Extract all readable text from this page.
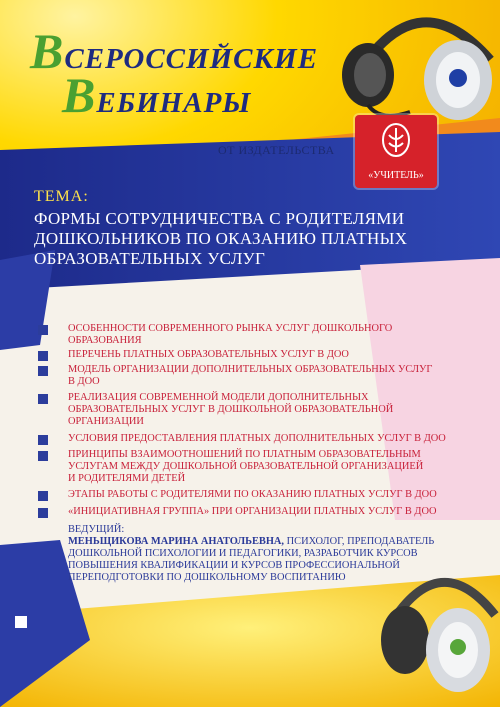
ВСЕРОССИЙСКИЕ
ВЕБИНАРЫ
ОТ ИЗДАТЕЛЬСТВА
«УЧИТЕЛЬ»
ТЕМА:
ФОРМЫ СОТРУДНИЧЕСТВА С РОДИТЕЛЯМИ
ДОШКОЛЬНИКОВ ПО ОКАЗАНИЮ ПЛАТНЫХ
ОБРАЗОВАТЕЛЬНЫХ УСЛУГ
ОСОБЕННОСТИ СОВРЕМЕННОГО РЫНКА УСЛУГ ДОШКОЛЬНОГО
ОБРАЗОВАНИЯ
ПЕРЕЧЕНЬ ПЛАТНЫХ ОБРАЗОВАТЕЛЬНЫХ УСЛУГ В ДОО
МОДЕЛЬ ОРГАНИЗАЦИИ ДОПОЛНИТЕЛЬНЫХ ОБРАЗОВАТЕЛЬНЫХ УСЛУГ
В ДОО
РЕАЛИЗАЦИЯ СОВРЕМЕННОЙ МОДЕЛИ ДОПОЛНИТЕЛЬНЫХ
ОБРАЗОВАТЕЛЬНЫХ УСЛУГ В ДОШКОЛЬНОЙ ОБРАЗОВАТЕЛЬНОЙ
ОРГАНИЗАЦИИ
УСЛОВИЯ ПРЕДОСТАВЛЕНИЯ ПЛАТНЫХ ДОПОЛНИТЕЛЬНЫХ УСЛУГ В ДОО
ПРИНЦИПЫ ВЗАИМООТНОШЕНИЙ ПО ПЛАТНЫМ ОБРАЗОВАТЕЛЬНЫМ
УСЛУГАМ МЕЖДУ ДОШКОЛЬНОЙ ОБРАЗОВАТЕЛЬНОЙ ОРГАНИЗАЦИЕЙ
И РОДИТЕЛЯМИ ДЕТЕЙ
ЭТАПЫ РАБОТЫ С РОДИТЕЛЯМИ ПО ОКАЗАНИЮ ПЛАТНЫХ УСЛУГ В ДОО
«ИНИЦИАТИВНАЯ ГРУППА» ПРИ ОРГАНИЗАЦИИ ПЛАТНЫХ УСЛУГ В ДОО
ВЕДУЩИЙ:
МЕНЬЩИКОВА МАРИНА АНАТОЛЬЕВНА, ПСИХОЛОГ, ПРЕПОДАВАТЕЛЬ
ДОШКОЛЬНОЙ ПСИХОЛОГИИ И ПЕДАГОГИКИ, РАЗРАБОТЧИК КУРСОВ
ПОВЫШЕНИЯ КВАЛИФИКАЦИИ И КУРСОВ ПРОФЕССИОНАЛЬНОЙ
ПЕРЕПОДГОТОВКИ ПО ДОШКОЛЬНОМУ ВОСПИТАНИЮ
